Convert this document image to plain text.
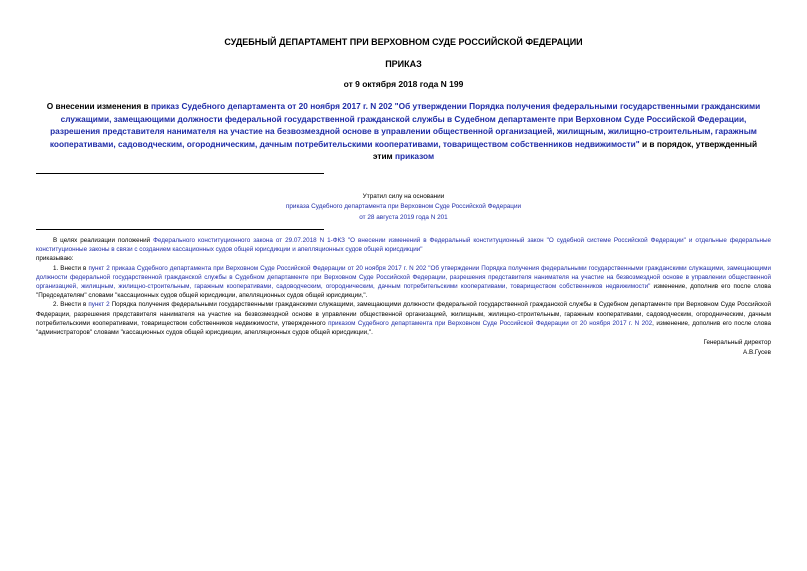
СУДЕБНЫЙ ДЕПАРТАМЕНТ ПРИ ВЕРХОВНОМ СУДЕ РОССИЙСКОЙ ФЕДЕРАЦИИ
ПРИКАЗ
от 9 октября 2018 года N 199
О внесении изменения в приказ Судебного департамента от 20 ноября 2017 г. N 202 "Об утверждении Порядка получения федеральными государственными гражданскими служащими, замещающими должности федеральной государственной гражданской службы в Судебном департаменте при Верховном Суде Российской Федерации, разрешения представителя нанимателя на участие на безвозмездной основе в управлении общественной организацией, жилищным, жилищно-строительным, гаражным кооперативами, садоводческим, огородническим, дачным потребительскими кооперативами, товариществом собственников недвижимости" и в порядок, утвержденный этим приказом
Утратил силу на основании
приказа Судебного департамента при Верховном Суде Российской Федерации
от 28 августа 2019 года N 201
В целях реализации положений Федерального конституционного закона от 29.07.2018 N 1-ФКЗ "О внесении изменений в Федеральный конституционный закон "О судебной системе Российской Федерации" и отдельные федеральные конституционные законы в связи с созданием кассационных судов общей юрисдикции и апелляционных судов общей юрисдикции"
приказываю:
1. Внести в пункт 2 приказа Судебного департамента при Верховном Суде Российской Федерации от 20 ноября 2017 г. N 202 "Об утверждении Порядка получения федеральными государственными гражданскими служащими, замещающими должности федеральной государственной гражданской службы в Судебном департаменте при Верховном Суде Российской Федерации, разрешения представителя нанимателя на участие на безвозмездной основе в управлении общественной организацией, жилищным, жилищно-строительным, гаражным кооперативами, садоводческим, огородническим, дачным потребительскими кооперативами, товариществом собственников недвижимости" изменение, дополнив его после слова "Председателям" словами "кассационных судов общей юрисдикции, апелляционных судов общей юрисдикции,".
2. Внести в пункт 2 Порядка получения федеральными государственными гражданскими служащими, замещающими должности федеральной государственной гражданской службы в Судебном департаменте при Верховном Суде Российской Федерации, разрешения представителя нанимателя на участие на безвозмездной основе в управлении общественной организацией, жилищным, жилищно-строительным, гаражным кооперативами, садоводческим, огородническим, дачным потребительскими кооперативами, товариществом собственников недвижимости, утвержденного приказом Судебного департамента при Верховном Суде Российской Федерации от 20 ноября 2017 г. N 202, изменение, дополнив его после слова "администраторов" словами "кассационных судов общей юрисдикции, апелляционных судов общей юрисдикции,".
Генеральный директор
А.В.Гусев
